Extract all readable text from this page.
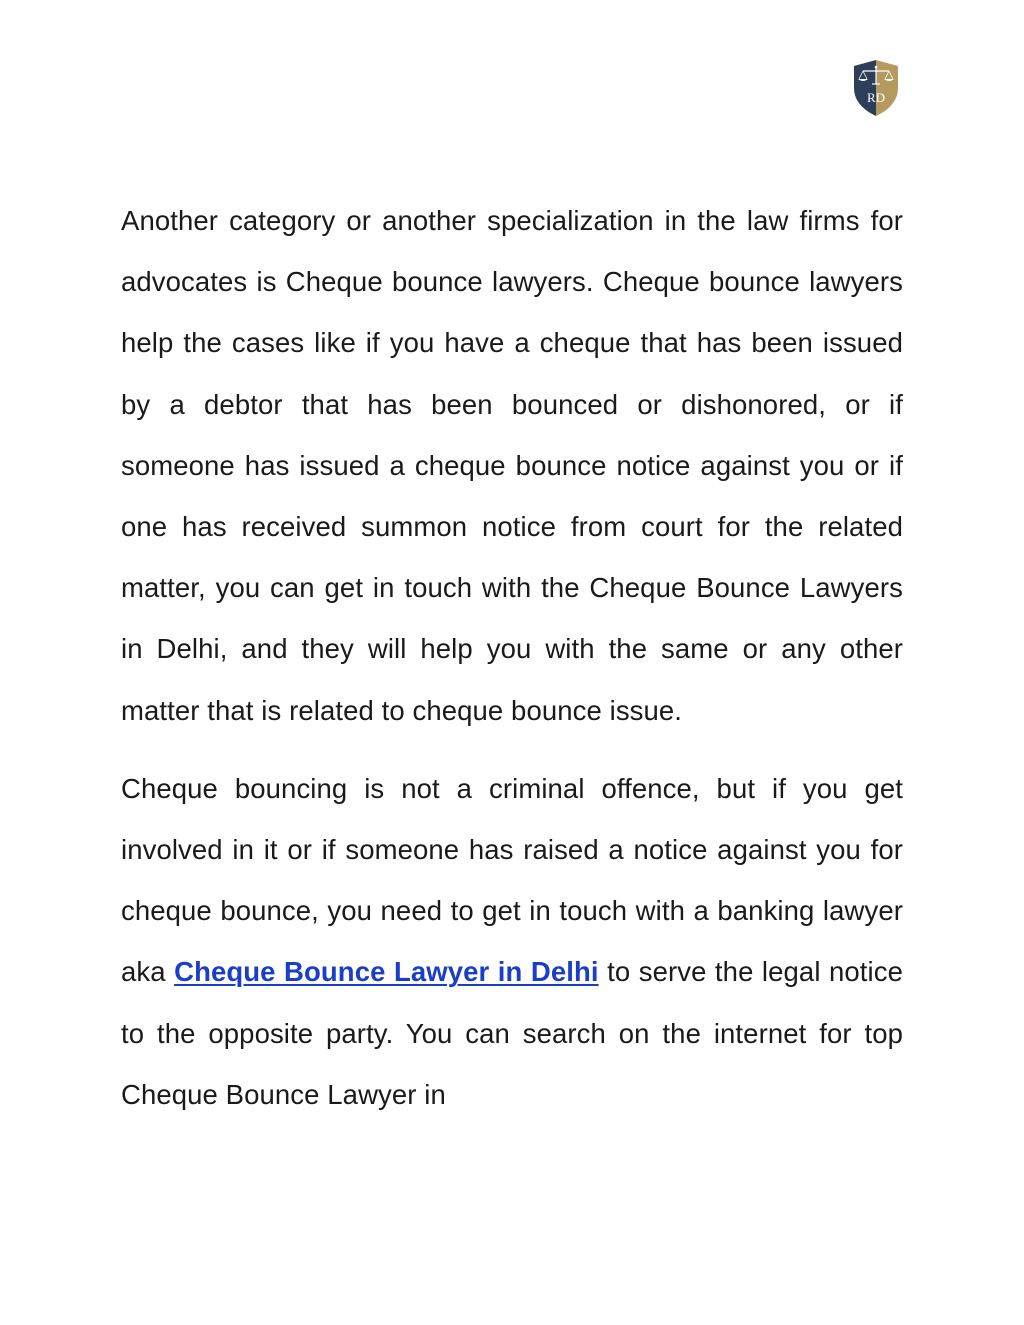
RD

Another category or another specialization in the law firms for advocates is Cheque bounce lawyers. Cheque bounce lawyers help the cases like if you have a cheque that has been issued by a debtor that has been bounced or dishonored, or if someone has issued a cheque bounce notice against you or if one has received summon notice from court for the related matter, you can get in touch with the Cheque Bounce Lawyers in Delhi, and they will help you with the same or any other matter that is related to cheque bounce issue.

Cheque bouncing is not a criminal offence, but if you get involved in it or if someone has raised a notice against you for cheque bounce, you need to get in touch with a banking lawyer aka Cheque Bounce Lawyer in Delhi to serve the legal notice to the opposite party. You can search on the internet for top Cheque Bounce Lawyer in
